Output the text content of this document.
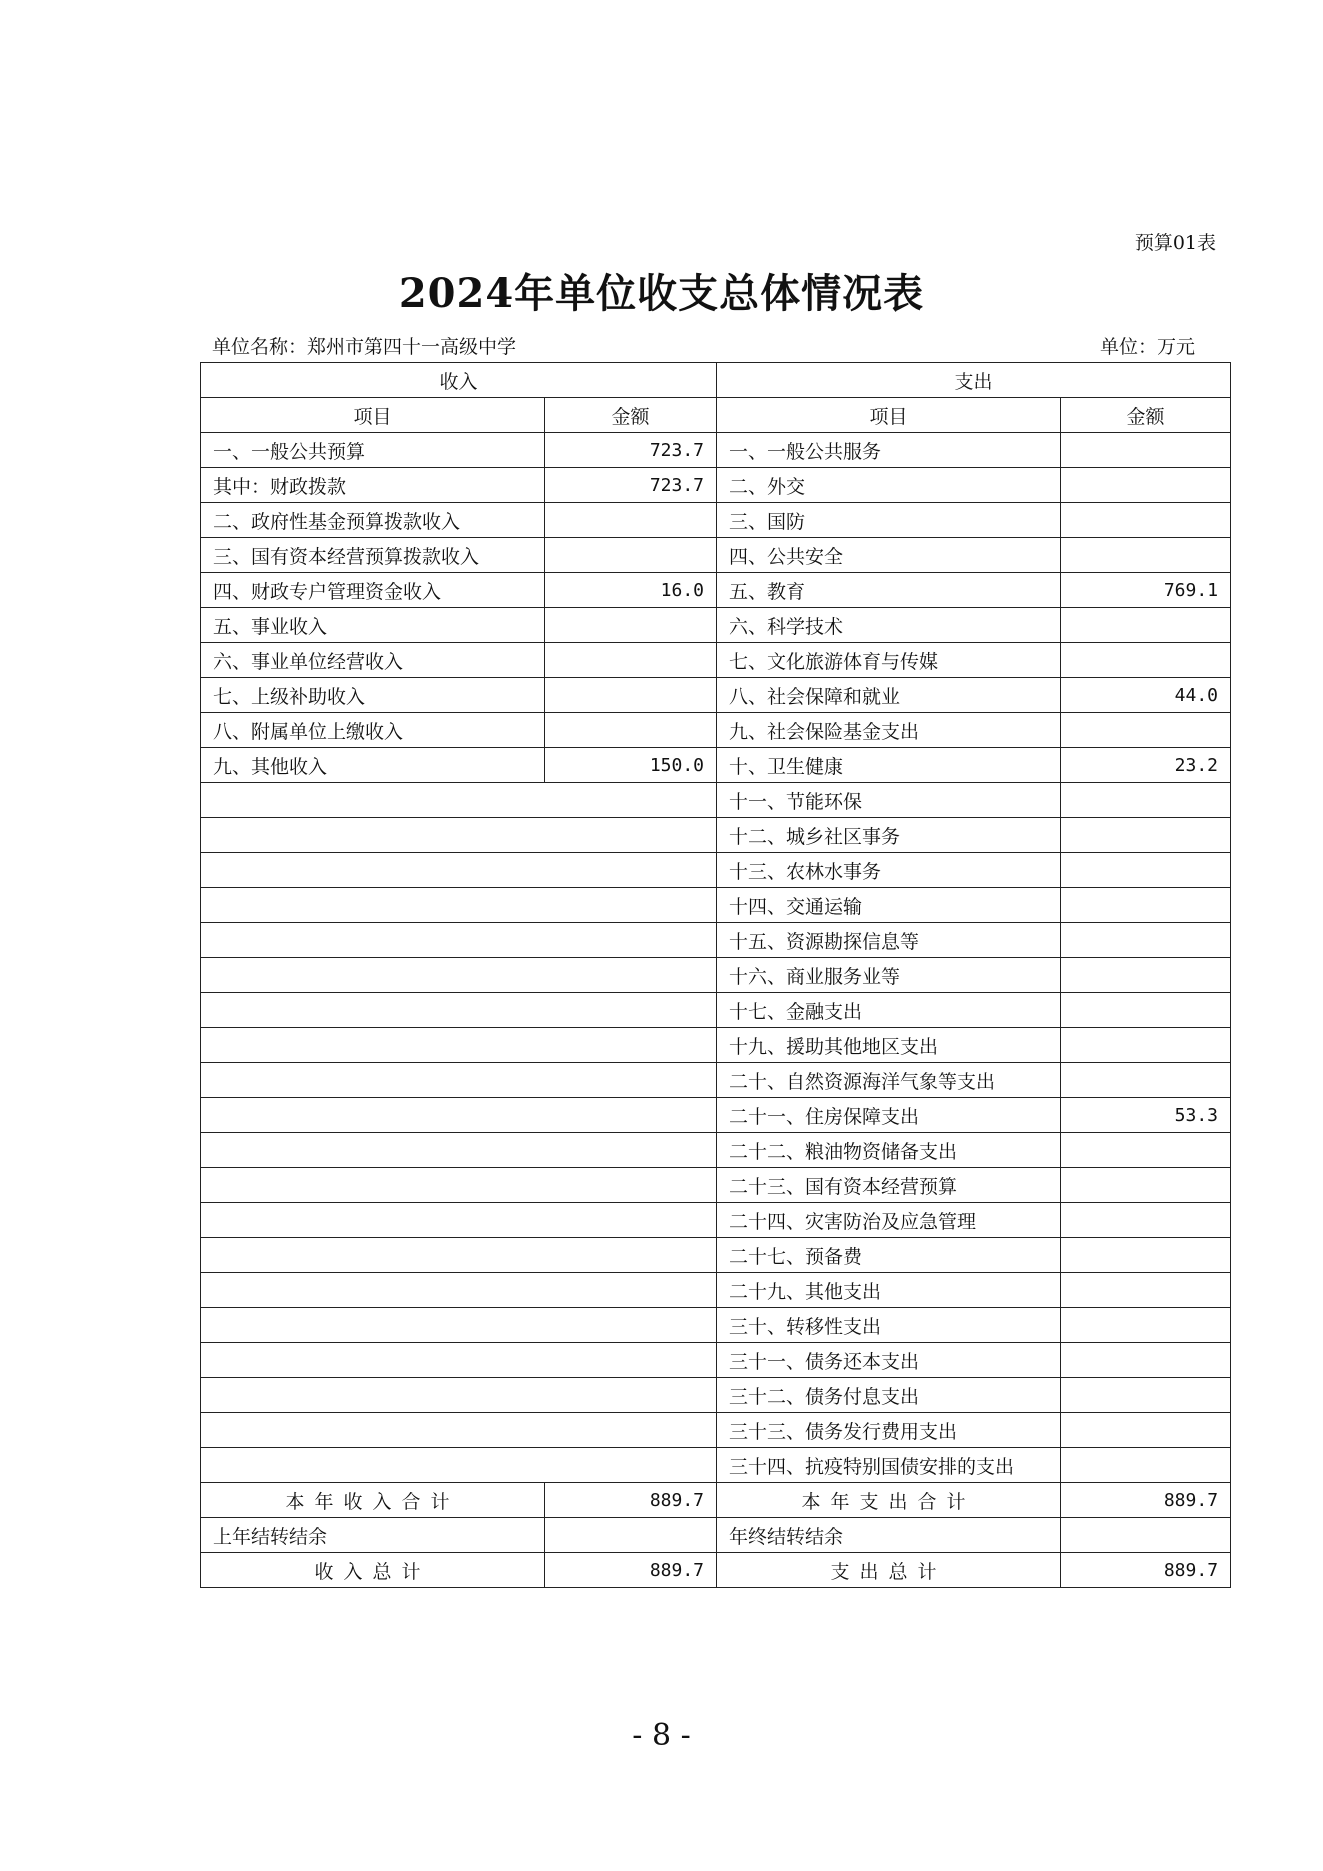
预算01表
2024年单位收支总体情况表
单位名称：郑州市第四十一高级中学	单位：万元
收入		支出	
项目	金额	项目	金额
一、一般公共预算	723.7	一、一般公共服务	
其中：财政拨款	723.7	二、外交	
二、政府性基金预算拨款收入		三、国防	
三、国有资本经营预算拨款收入		四、公共安全	
四、财政专户管理资金收入	16.0	五、教育	769.1
五、事业收入		六、科学技术	
六、事业单位经营收入		七、文化旅游体育与传媒	
七、上级补助收入		八、社会保障和就业	44.0
八、附属单位上缴收入		九、社会保险基金支出	
九、其他收入	150.0	十、卫生健康	23.2
		十一、节能环保	
		十二、城乡社区事务	
		十三、农林水事务	
		十四、交通运输	
		十五、资源勘探信息等	
		十六、商业服务业等	
		十七、金融支出	
		十九、援助其他地区支出	
		二十、自然资源海洋气象等支出	
		二十一、住房保障支出	53.3
		二十二、粮油物资储备支出	
		二十三、国有资本经营预算	
		二十四、灾害防治及应急管理	
		二十七、预备费	
		二十九、其他支出	
		三十、转移性支出	
		三十一、债务还本支出	
		三十二、债务付息支出	
		三十三、债务发行费用支出	
		三十四、抗疫特别国债安排的支出	
本年收入合计	889.7	本年支出合计	889.7
上年结转结余		年终结转结余	
收入总计	889.7	支出总计	889.7
- 8 -
